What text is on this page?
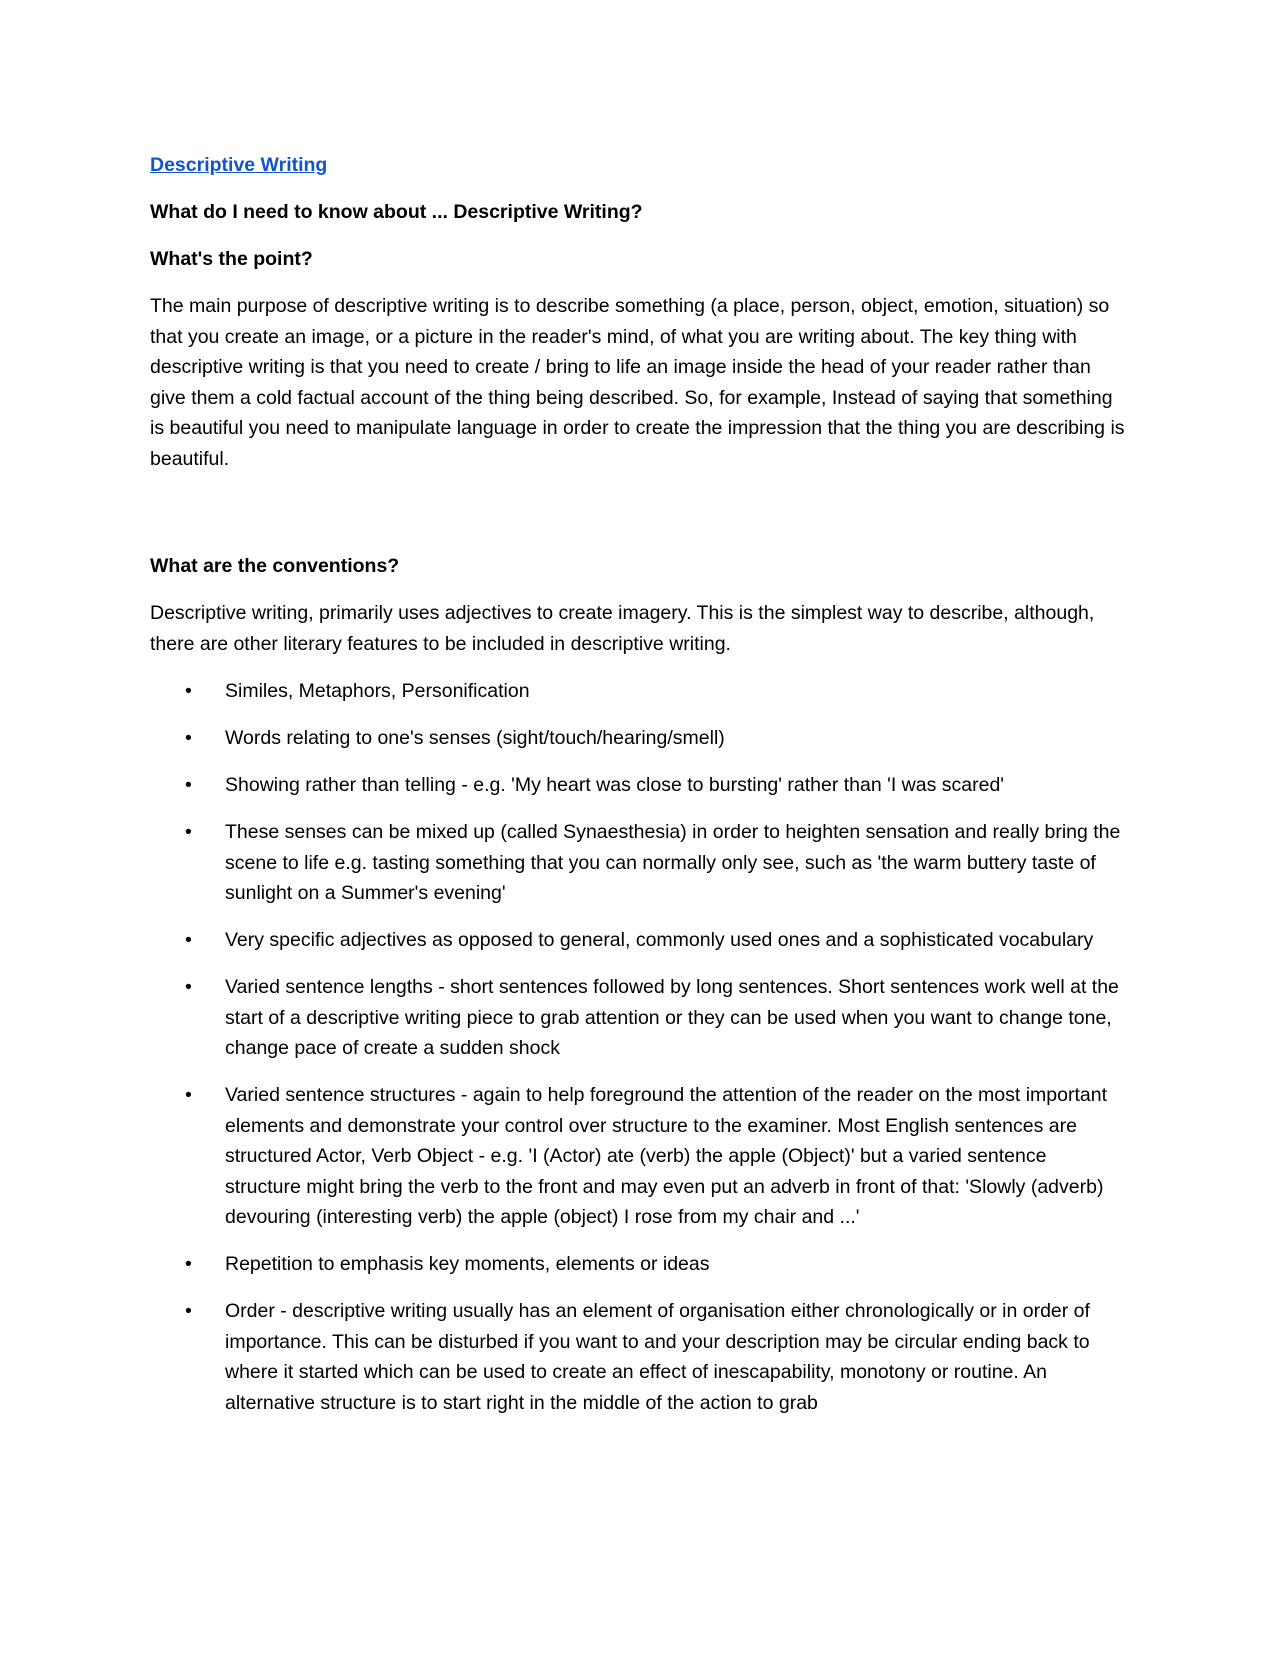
Descriptive Writing
What do I need to know about ... Descriptive Writing?
What's the point?

The main purpose of descriptive writing is to describe something (a place, person, object, emotion, situation) so that you create an image, or a picture in the reader's mind, of what you are writing about. The key thing with descriptive writing is that you need to create / bring to life an image inside the head of your reader rather than give them a cold factual account of the thing being described. So, for example, Instead of saying that something is beautiful you need to manipulate language in order to create the impression that the thing you are describing is beautiful.

What are the conventions?

Descriptive writing, primarily uses adjectives to create imagery. This is the simplest way to describe, although, there are other literary features to be included in descriptive writing.

• Similes, Metaphors, Personification
• Words relating to one's senses (sight/touch/hearing/smell)
• Showing rather than telling - e.g. 'My heart was close to bursting' rather than 'I was scared'
• These senses can be mixed up (called Synaesthesia) in order to heighten sensation and really bring the scene to life e.g. tasting something that you can normally only see, such as 'the warm buttery taste of sunlight on a Summer's evening'
• Very specific adjectives as opposed to general, commonly used ones and a sophisticated vocabulary
• Varied sentence lengths - short sentences followed by long sentences. Short sentences work well at the start of a descriptive writing piece to grab attention or they can be used when you want to change tone, change pace of create a sudden shock
• Varied sentence structures - again to help foreground the attention of the reader on the most important elements and demonstrate your control over structure to the examiner. Most English sentences are structured Actor, Verb Object - e.g. 'I (Actor) ate (verb) the apple (Object)' but a varied sentence structure might bring the verb to the front and may even put an adverb in front of that: 'Slowly (adverb) devouring (interesting verb) the apple (object) I rose from my chair and ...'
• Repetition to emphasis key moments, elements or ideas
• Order - descriptive writing usually has an element of organisation either chronologically or in order of importance. This can be disturbed if you want to and your description may be circular ending back to where it started which can be used to create an effect of inescapability, monotony or routine. An alternative structure is to start right in the middle of the action to grab
